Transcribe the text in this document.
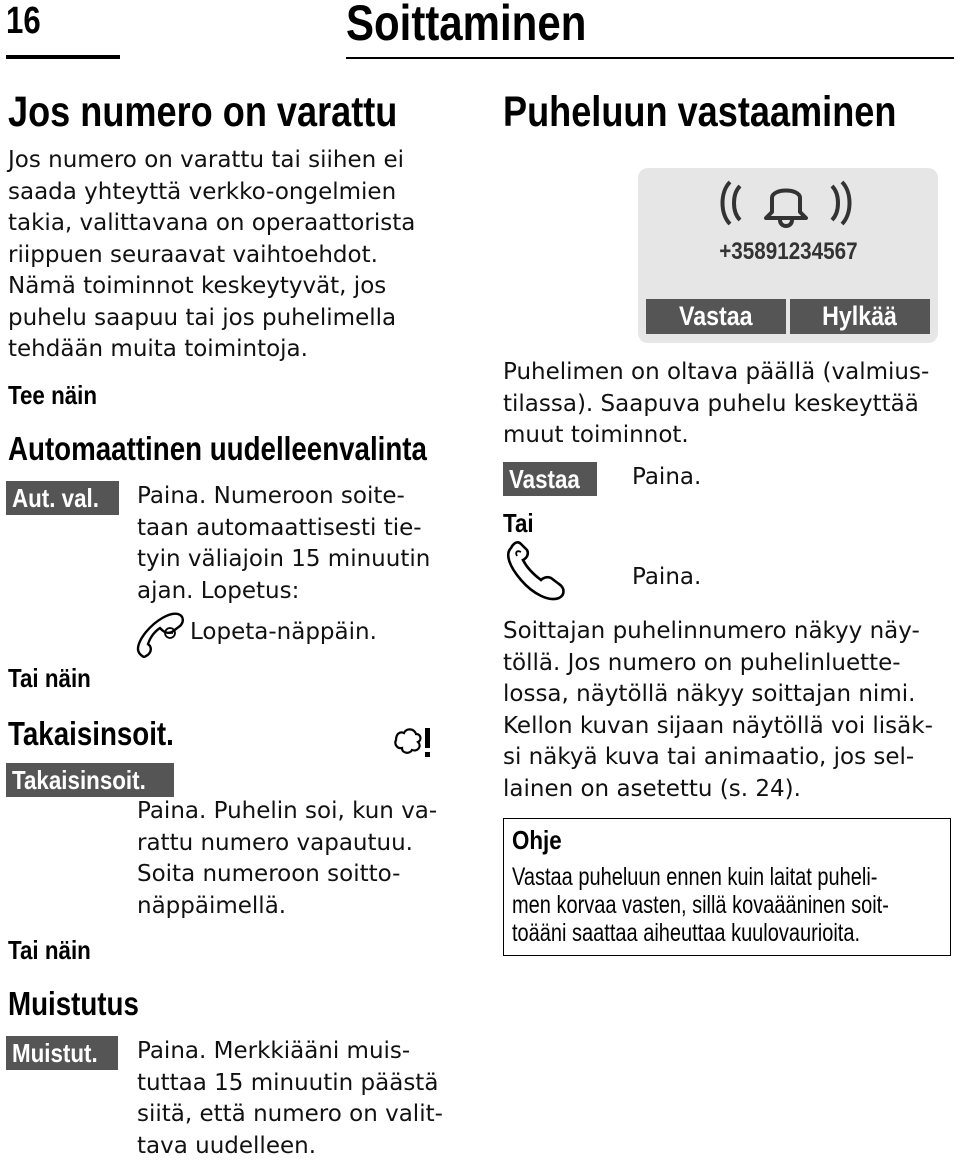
16	Soittaminen
Jos numero on varattu
Jos numero on varattu tai siihen ei
saada yhteyttä verkko-ongelmien
takia, valittavana on operaattorista
riippuen seuraavat vaihtoehdot.
Nämä toiminnot keskeytyvät, jos
puhelu saapuu tai jos puhelimella
tehdään muita toimintoja.
Tee näin
Automaattinen uudelleenvalinta
Aut. val.	Paina. Numeroon soite-
taan automaattisesti tie-
tyin väliajoin 15 minuutin
ajan. Lopetus:
Lopeta-näppäin.
Tai näin
Takaisinsoit.
Takaisinsoit.
Paina. Puhelin soi, kun va-
rattu numero vapautuu.
Soita numeroon soitto-
näppäimellä.
Tai näin
Muistutus
Muistut.	Paina. Merkkiääni muis-
tuttaa 15 minuutin päästä
siitä, että numero on valit-
tava uudelleen.
Puheluun vastaaminen
+35891234567
Vastaa	Hylkää
Puhelimen on oltava päällä (valmius-
tilassa). Saapuva puhelu keskeyttää
muut toiminnot.
Vastaa	Paina.
Tai
Paina.
Soittajan puhelinnumero näkyy näy-
töllä. Jos numero on puhelinluette-
lossa, näytöllä näkyy soittajan nimi.
Kellon kuvan sijaan näytöllä voi lisäk-
si näkyä kuva tai animaatio, jos sel-
lainen on asetettu (s. 24).
Ohje
Vastaa puheluun ennen kuin laitat puheli-
men korvaa vasten, sillä kovaääninen soit-
toääni saattaa aiheuttaa kuulovaurioita.
